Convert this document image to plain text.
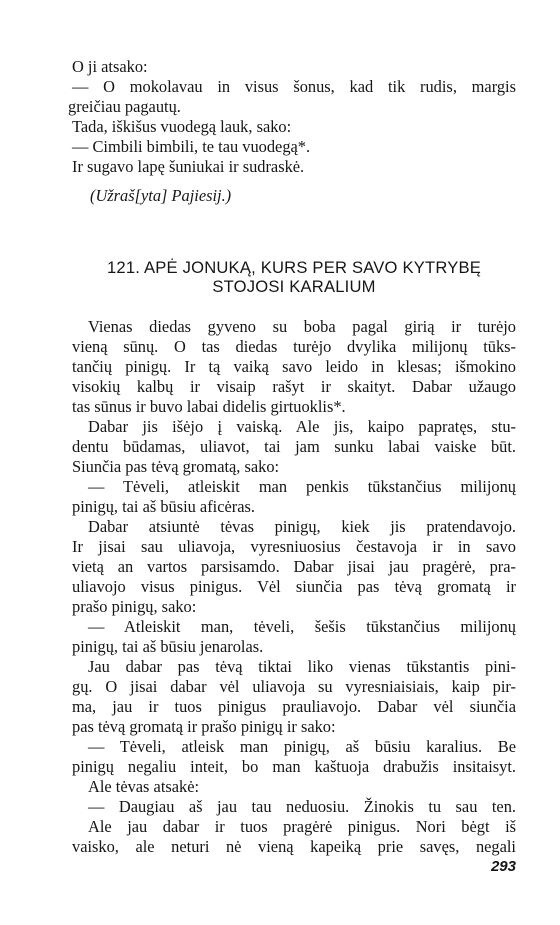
O ji atsako:
— O mokolavau in visus šonus, kad tik rudis, margis
greičiau pagautų.
Tada, iškišus vuodegą lauk, sako:
— Cimbili bimbili, te tau vuodegą*.
Ir sugavo lapę šuniukai ir sudraskė.
(Užraš[yta] Pajiesij.)
121. APĖ JONUKĄ, KURS PER SAVO KYTRYBĘ
STOJOSI KARALIUM
Vienas diedas gyveno su boba pagal girią ir turėjo
vieną sūnų. O tas diedas turėjo dvylika milijonų tūks-
tančių pinigų. Ir tą vaiką savo leido in klesas; išmokino
visokių kalbų ir visaip rašyt ir skaityt. Dabar užaugo
tas sūnus ir buvo labai didelis girtuoklis*.
Dabar jis išėjo į vaiską. Ale jis, kaipo papratęs, stu-
dentu būdamas, uliavot, tai jam sunku labai vaiske būt.
Siunčia pas tėvą gromatą, sako:
— Tėveli, atleiskit man penkis tūkstančius milijonų
pinigų, tai aš būsiu aficėras.
Dabar atsiuntė tėvas pinigų, kiek jis pratendavojo.
Ir jisai sau uliavoja, vyresniuosius čestavoja ir in savo
vietą an vartos parsisamdo. Dabar jisai jau pragėrė, pra-
uliavojo visus pinigus. Vėl siunčia pas tėvą gromatą ir
prašo pinigų, sako:
— Atleiskit man, tėveli, šešis tūkstančius milijonų
pinigų, tai aš būsiu jenarolas.
Jau dabar pas tėvą tiktai liko vienas tūkstantis pini-
gų. O jisai dabar vėl uliavoja su vyresniaisiais, kaip pir-
ma, jau ir tuos pinigus prauliavojo. Dabar vėl siunčia
pas tėvą gromatą ir prašo pinigų ir sako:
— Tėveli, atleisk man pinigų, aš būsiu karalius. Be
pinigų negaliu inteit, bo man kaštuoja drabužis insitaisyt.
Ale tėvas atsakė:
— Daugiau aš jau tau neduosiu. Žinokis tu sau ten.
Ale jau dabar ir tuos pragėrė pinigus. Nori bėgt iš
vaisko, ale neturi nė vieną kapeiką prie savęs, negali
293
